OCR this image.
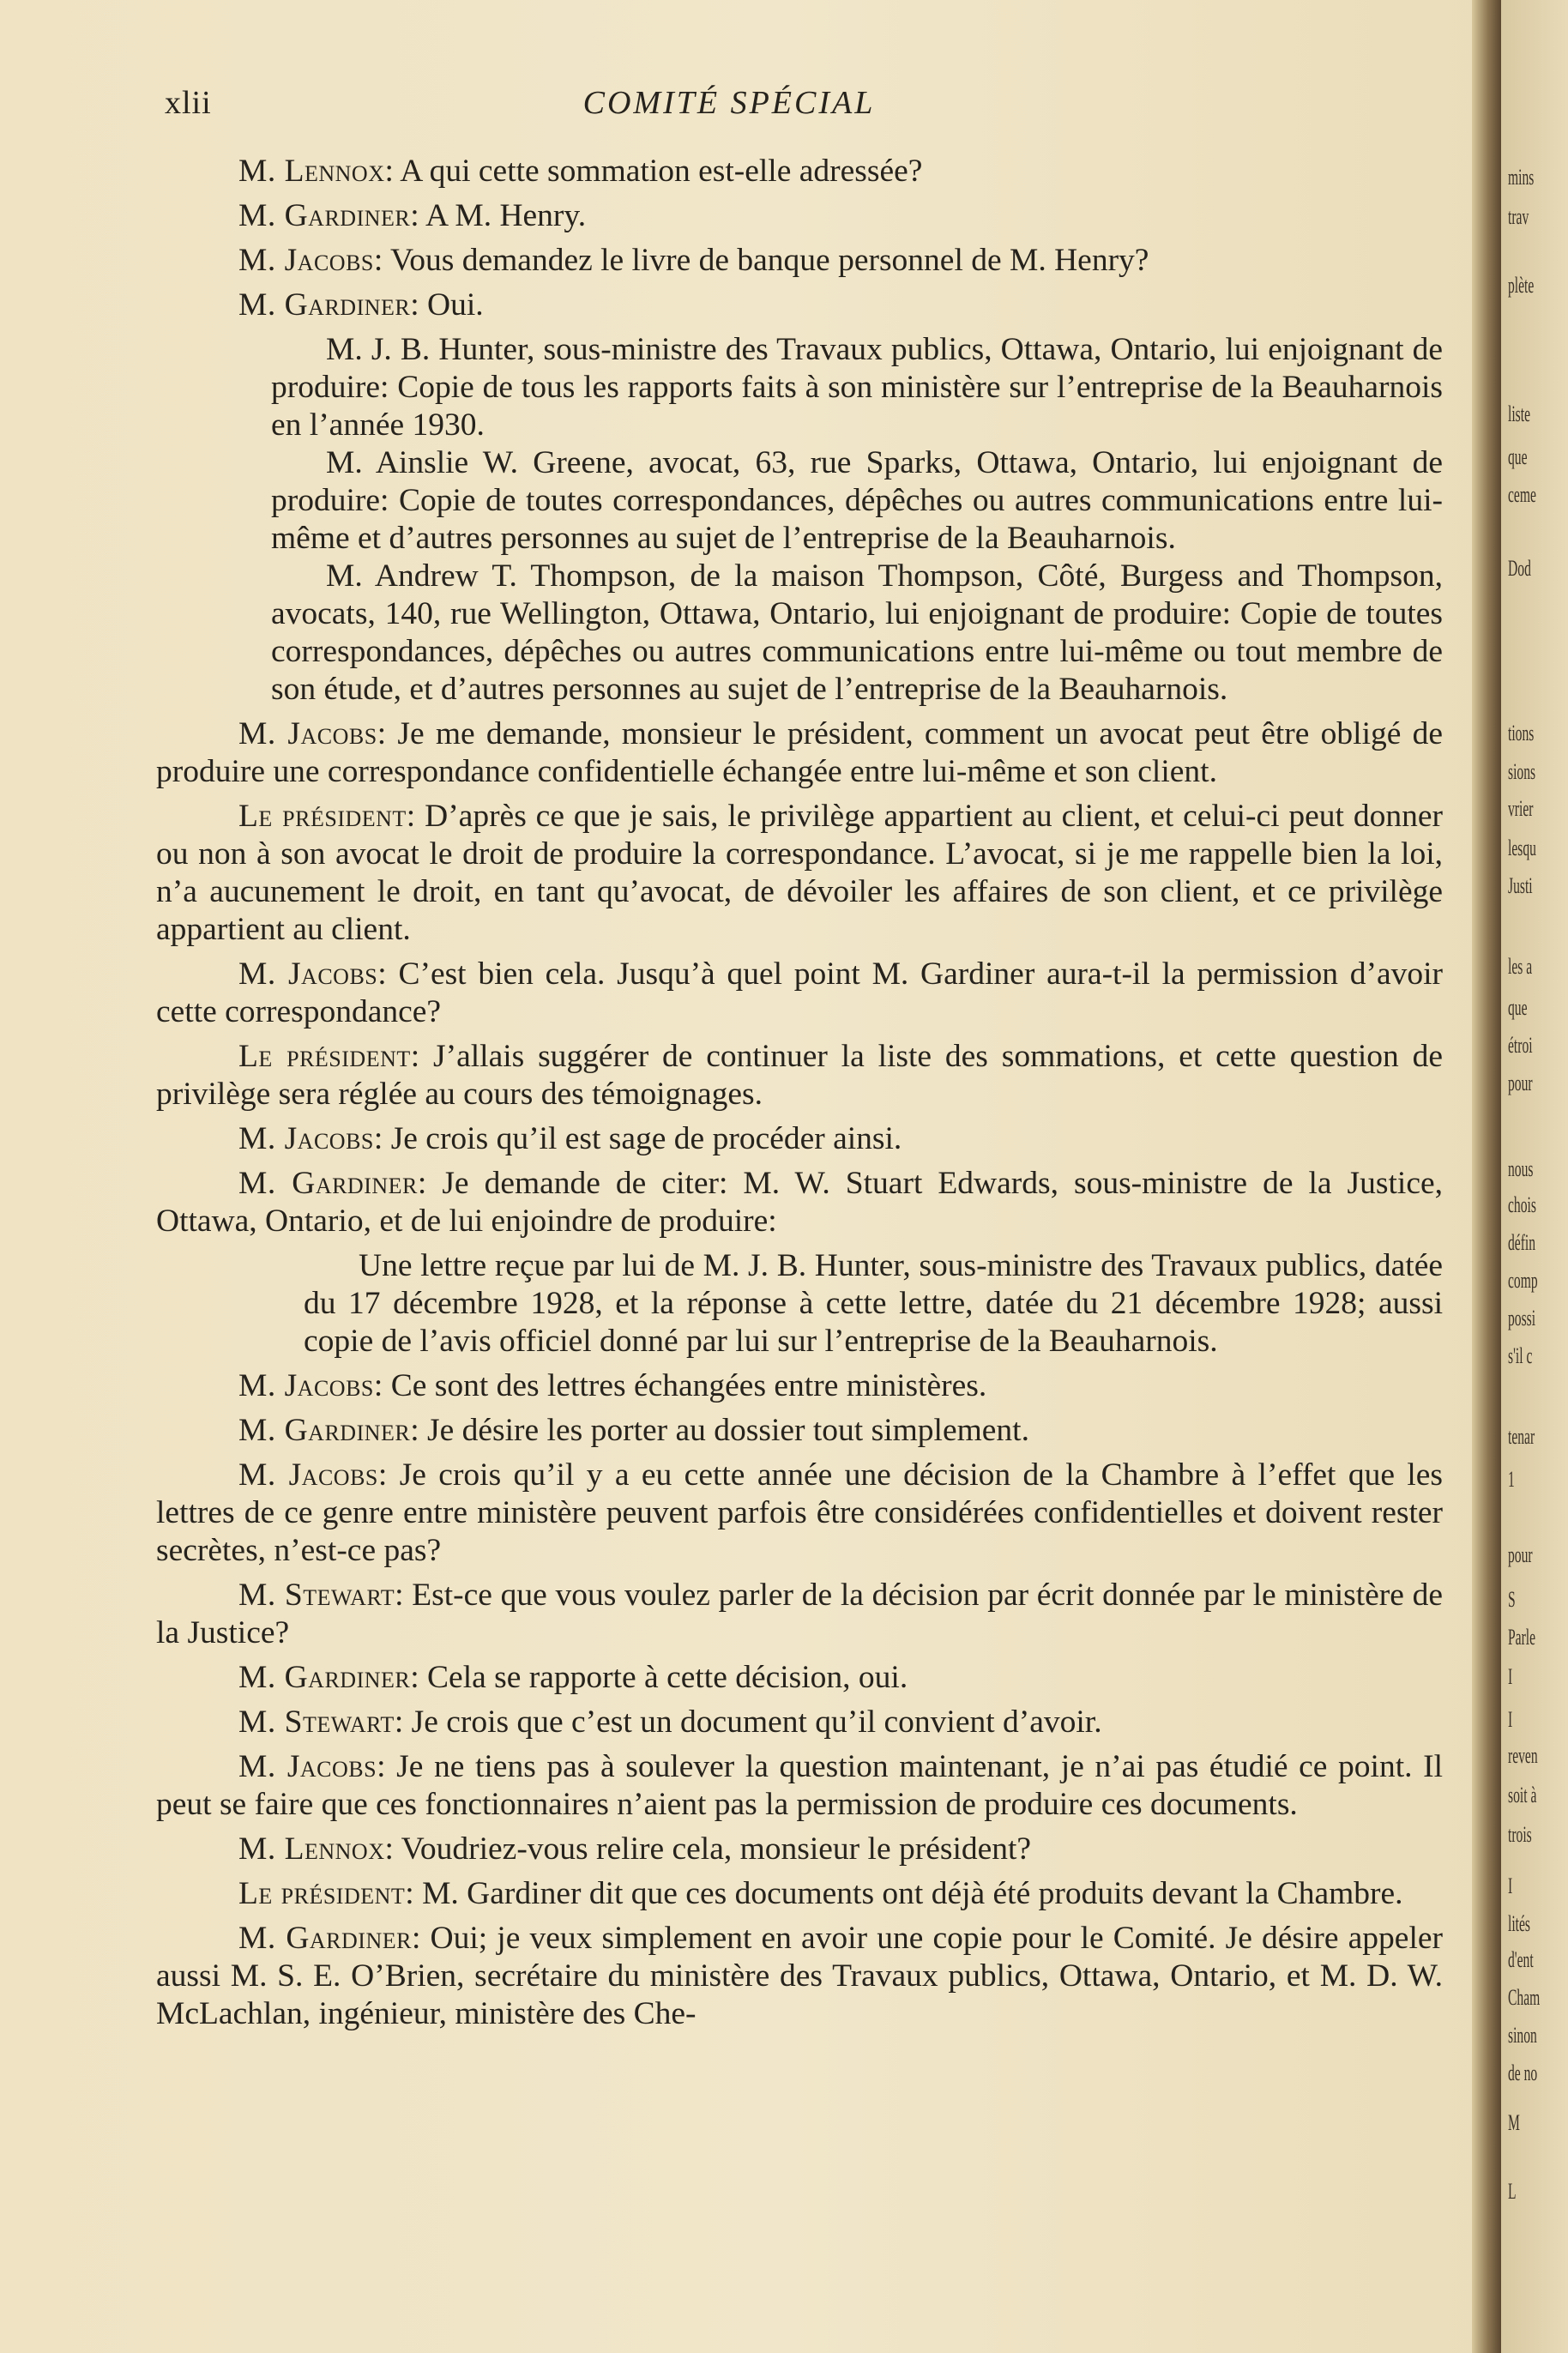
xlii	COMITÉ SPÉCIAL
M. Lennox: A qui cette sommation est-elle adressée?
M. Gardiner: A M. Henry.
M. Jacobs: Vous demandez le livre de banque personnel de M. Henry?
M. Gardiner: Oui.
M. J. B. Hunter, sous-ministre des Travaux publics, Ottawa, Ontario, lui enjoignant de produire: Copie de tous les rapports faits à son ministère sur l’entreprise de la Beauharnois en l’année 1930.
M. Ainslie W. Greene, avocat, 63, rue Sparks, Ottawa, Ontario, lui enjoignant de produire: Copie de toutes correspondances, dépêches ou autres communications entre lui-même et d’autres personnes au sujet de l’entreprise de la Beauharnois.
M. Andrew T. Thompson, de la maison Thompson, Côté, Burgess and Thompson, avocats, 140, rue Wellington, Ottawa, Ontario, lui enjoignant de produire: Copie de toutes correspondances, dépêches ou autres communications entre lui-même ou tout membre de son étude, et d’autres personnes au sujet de l’entreprise de la Beauharnois.
M. Jacobs: Je me demande, monsieur le président, comment un avocat peut être obligé de produire une correspondance confidentielle échangée entre lui-même et son client.
Le président: D’après ce que je sais, le privilège appartient au client, et celui-ci peut donner ou non à son avocat le droit de produire la correspondance. L’avocat, si je me rappelle bien la loi, n’a aucunement le droit, en tant qu’avocat, de dévoiler les affaires de son client, et ce privilège appartient au client.
M. Jacobs: C’est bien cela. Jusqu’à quel point M. Gardiner aura-t-il la permission d’avoir cette correspondance?
Le président: J’allais suggérer de continuer la liste des sommations, et cette question de privilège sera réglée au cours des témoignages.
M. Jacobs: Je crois qu’il est sage de procéder ainsi.
M. Gardiner: Je demande de citer: M. W. Stuart Edwards, sous-ministre de la Justice, Ottawa, Ontario, et de lui enjoindre de produire:
Une lettre reçue par lui de M. J. B. Hunter, sous-ministre des Travaux publics, datée du 17 décembre 1928, et la réponse à cette lettre, datée du 21 décembre 1928; aussi copie de l’avis officiel donné par lui sur l’entreprise de la Beauharnois.
M. Jacobs: Ce sont des lettres échangées entre ministères.
M. Gardiner: Je désire les porter au dossier tout simplement.
M. Jacobs: Je crois qu’il y a eu cette année une décision de la Chambre à l’effet que les lettres de ce genre entre ministère peuvent parfois être considérées confidentielles et doivent rester secrètes, n’est-ce pas?
M. Stewart: Est-ce que vous voulez parler de la décision par écrit donnée par le ministère de la Justice?
M. Gardiner: Cela se rapporte à cette décision, oui.
M. Stewart: Je crois que c’est un document qu’il convient d’avoir.
M. Jacobs: Je ne tiens pas à soulever la question maintenant, je n’ai pas étudié ce point. Il peut se faire que ces fonctionnaires n’aient pas la permission de produire ces documents.
M. Lennox: Voudriez-vous relire cela, monsieur le président?
Le président: M. Gardiner dit que ces documents ont déjà été produits devant la Chambre.
M. Gardiner: Oui; je veux simplement en avoir une copie pour le Comité. Je désire appeler aussi M. S. E. O’Brien, secrétaire du ministère des Travaux publics, Ottawa, Ontario, et M. D. W. McLachlan, ingénieur, ministère des Che-
mins
trav
plète
liste
que
ceme
Dod
tions
sions
vrier
lesqu
Justi
les a
que
étroi
pour
nous
chois
défin
comp
possi
s'il c
tenar
1
pour
S
Parle
I
I
reven
soit à
trois
I
lités
d'ent
Cham
sinon
de no
M
L
